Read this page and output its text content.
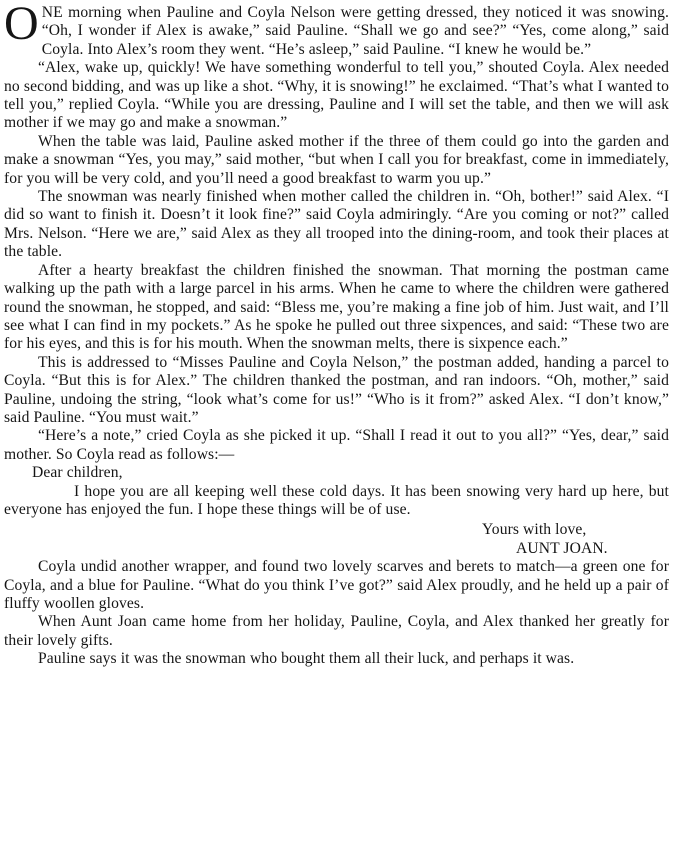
ONE morning when Pauline and Coyla Nelson were getting dressed, they noticed it was snowing. “Oh, I wonder if Alex is awake,” said Pauline. “Shall we go and see?” “Yes, come along,” said Coyla. Into Alex’s room they went. “He’s asleep,” said Pauline. “I knew he would be.”

“Alex, wake up, quickly! We have something wonderful to tell you,” shouted Coyla. Alex needed no second bidding, and was up like a shot. “Why, it is snowing!” he exclaimed. “That’s what I wanted to tell you,” replied Coyla. “While you are dressing, Pauline and I will set the table, and then we will ask mother if we may go and make a snowman.”

When the table was laid, Pauline asked mother if the three of them could go into the garden and make a snowman “Yes, you may,” said mother, “but when I call you for breakfast, come in immediately, for you will be very cold, and you’ll need a good breakfast to warm you up.”

The snowman was nearly finished when mother called the children in. “Oh, bother!” said Alex. “I did so want to finish it. Doesn’t it look fine?” said Coyla admiringly. “Are you coming or not?” called Mrs. Nelson. “Here we are,” said Alex as they all trooped into the dining-room, and took their places at the table.

After a hearty breakfast the children finished the snowman. That morning the postman came walking up the path with a large parcel in his arms. When he came to where the children were gathered round the snowman, he stopped, and said: “Bless me, you’re making a fine job of him. Just wait, and I’ll see what I can find in my pockets.” As he spoke he pulled out three sixpences, and said: “These two are for his eyes, and this is for his mouth. When the snowman melts, there is sixpence each.”

This is addressed to “Misses Pauline and Coyla Nelson,” the postman added, handing a parcel to Coyla. “But this is for Alex.” The children thanked the postman, and ran indoors. “Oh, mother,” said Pauline, undoing the string, “look what’s come for us!” “Who is it from?” asked Alex. “I don’t know,” said Pauline. “You must wait.”

“Here’s a note,” cried Coyla as she picked it up. “Shall I read it out to you all?” “Yes, dear,” said mother. So Coyla read as follows:—

Dear children,

I hope you are all keeping well these cold days. It has been snowing very hard up here, but everyone has enjoyed the fun. I hope these things will be of use.

Yours with love,

AUNT JOAN.

Coyla undid another wrapper, and found two lovely scarves and berets to match—a green one for Coyla, and a blue for Pauline. “What do you think I’ve got?” said Alex proudly, and he held up a pair of fluffy woollen gloves.

When Aunt Joan came home from her holiday, Pauline, Coyla, and Alex thanked her greatly for their lovely gifts.

Pauline says it was the snowman who bought them all their luck, and perhaps it was.
